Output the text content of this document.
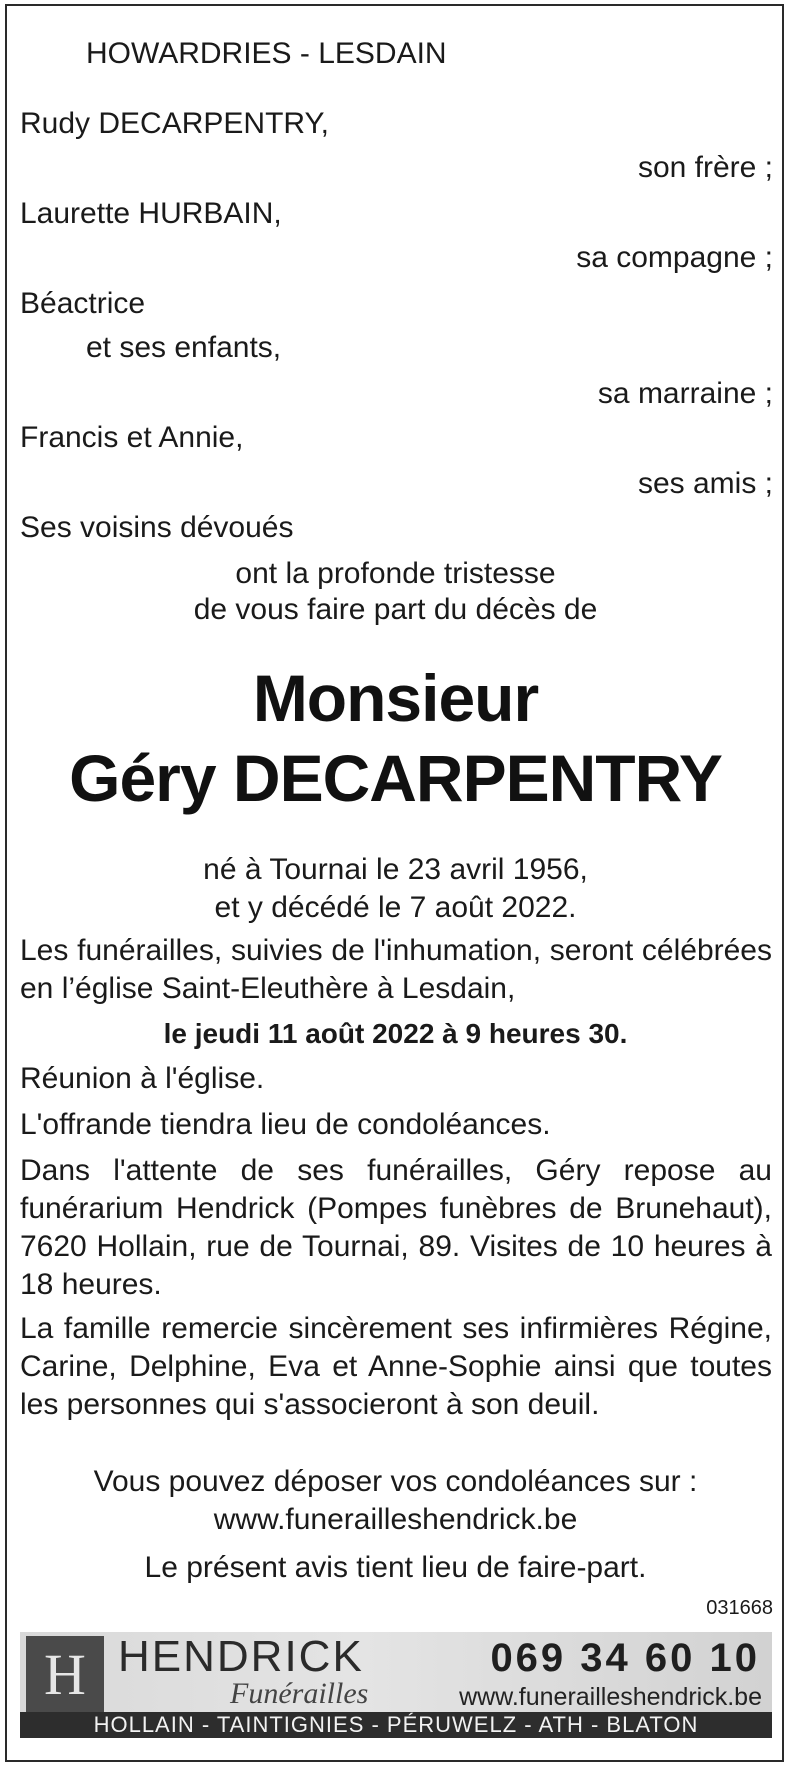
HOWARDRIES - LESDAIN
Rudy DECARPENTRY,
son frère ;
Laurette HURBAIN,
sa compagne ;
Béactrice
et ses enfants,
sa marraine ;
Francis et Annie,
ses amis ;
Ses voisins dévoués
ont la profonde tristesse
de vous faire part du décès de
Monsieur
Géry DECARPENTRY
né à Tournai le 23 avril 1956,
et y décédé le 7 août 2022.
Les funérailles, suivies de l'inhumation, seront célébrées en l’église Saint-Eleuthère à Lesdain,
le jeudi 11 août 2022 à 9 heures 30.
Réunion à l'église.
L'offrande tiendra lieu de condoléances.
Dans l'attente de ses funérailles, Géry repose au funérarium Hendrick (Pompes funèbres de Brunehaut), 7620 Hollain, rue de Tournai, 89. Visites de 10 heures à 18 heures.
La famille remercie sincèrement ses infirmières Régine, Carine, Delphine, Eva et Anne-Sophie ainsi que toutes les personnes qui s'associeront à son deuil.
Vous pouvez déposer vos condoléances sur :
www.funerailleshendrick.be
Le présent avis tient lieu de faire-part.
031668
H HENDRICK
Funérailles
069 34 60 10
www.funerailleshendrick.be
HOLLAIN - TAINTIGNIES - PÉRUWELZ - ATH - BLATON
